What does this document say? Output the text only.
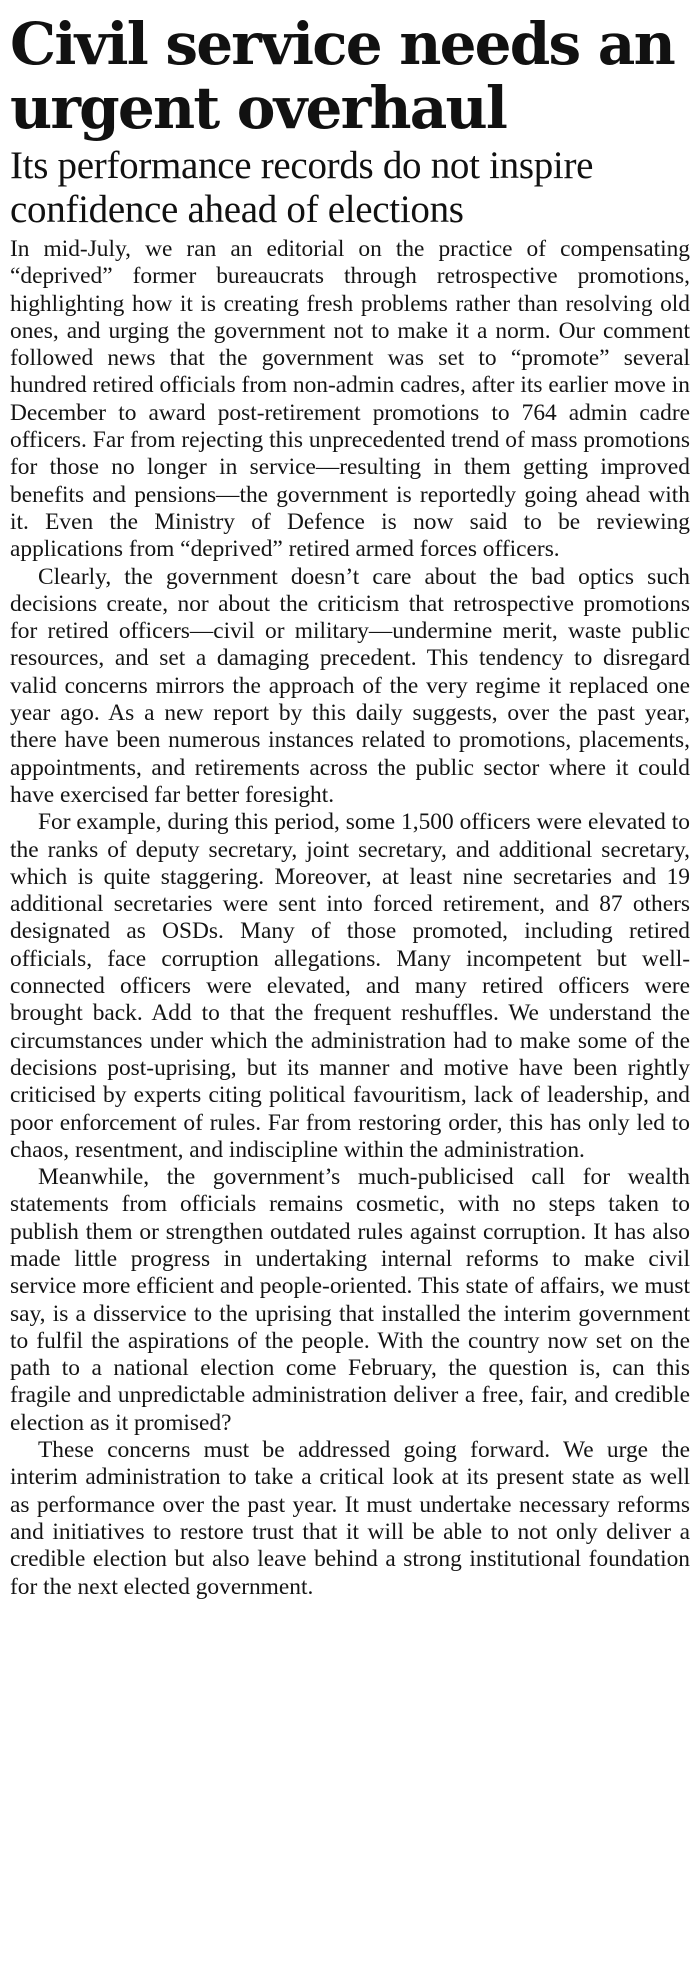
Civil service needs an urgent overhaul
Its performance records do not inspire confidence ahead of elections

In mid-July, we ran an editorial on the practice of compensating “deprived” former bureaucrats through retrospective promotions, highlighting how it is creating fresh problems rather than resolving old ones, and urging the government not to make it a norm. Our comment followed news that the government was set to “promote” several hundred retired officials from non-admin cadres, after its earlier move in December to award post-retirement promotions to 764 admin cadre officers. Far from rejecting this unprecedented trend of mass promotions for those no longer in service—resulting in them getting improved benefits and pensions—the government is reportedly going ahead with it. Even the Ministry of Defence is now said to be reviewing applications from “deprived” retired armed forces officers.

Clearly, the government doesn’t care about the bad optics such decisions create, nor about the criticism that retrospective promotions for retired officers—civil or military—undermine merit, waste public resources, and set a damaging precedent. This tendency to disregard valid concerns mirrors the approach of the very regime it replaced one year ago. As a new report by this daily suggests, over the past year, there have been numerous instances related to promotions, placements, appointments, and retirements across the public sector where it could have exercised far better foresight.

For example, during this period, some 1,500 officers were elevated to the ranks of deputy secretary, joint secretary, and additional secretary, which is quite staggering. Moreover, at least nine secretaries and 19 additional secretaries were sent into forced retirement, and 87 others designated as OSDs. Many of those promoted, including retired officials, face corruption allegations. Many incompetent but well-connected officers were elevated, and many retired officers were brought back. Add to that the frequent reshuffles. We understand the circumstances under which the administration had to make some of the decisions post-uprising, but its manner and motive have been rightly criticised by experts citing political favouritism, lack of leadership, and poor enforcement of rules. Far from restoring order, this has only led to chaos, resentment, and indiscipline within the administration.

Meanwhile, the government’s much-publicised call for wealth statements from officials remains cosmetic, with no steps taken to publish them or strengthen outdated rules against corruption. It has also made little progress in undertaking internal reforms to make civil service more efficient and people-oriented. This state of affairs, we must say, is a disservice to the uprising that installed the interim government to fulfil the aspirations of the people. With the country now set on the path to a national election come February, the question is, can this fragile and unpredictable administration deliver a free, fair, and credible election as it promised?

These concerns must be addressed going forward. We urge the interim administration to take a critical look at its present state as well as performance over the past year. It must undertake necessary reforms and initiatives to restore trust that it will be able to not only deliver a credible election but also leave behind a strong institutional foundation for the next elected government.
